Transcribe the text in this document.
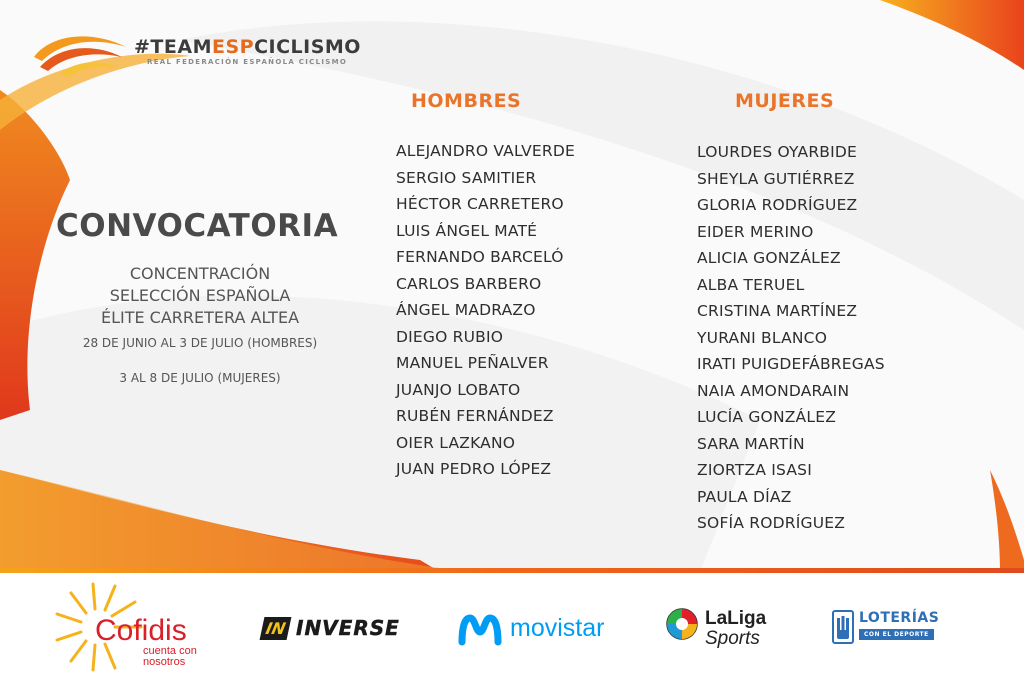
#TEAMESPCICLISMO
REAL FEDERACIÓN ESPAÑOLA CICLISMO
CONVOCATORIA
CONCENTRACIÓN
SELECCIÓN ESPAÑOLA
ÉLITE CARRETERA ALTEA
28 DE JUNIO AL 3 DE JULIO (HOMBRES)
3 AL 8 DE JULIO (MUJERES)
HOMBRES
ALEJANDRO VALVERDE
SERGIO SAMITIER
HÉCTOR CARRETERO
LUIS ÁNGEL MATÉ
FERNANDO BARCELÓ
CARLOS BARBERO
ÁNGEL MADRAZO
DIEGO RUBIO
MANUEL PEÑALVER
JUANJO LOBATO
RUBÉN FERNÁNDEZ
OIER LAZKANO
JUAN PEDRO LÓPEZ
MUJERES
LOURDES OYARBIDE
SHEYLA GUTIÉRREZ
GLORIA RODRÍGUEZ
EIDER MERINO
ALICIA GONZÁLEZ
ALBA TERUEL
CRISTINA MARTÍNEZ
YURANI BLANCO
IRATI PUIGDEFÁBREGAS
NAIA AMONDARAIN
LUCÍA GONZÁLEZ
SARA MARTÍN
ZIORTZA ISASI
PAULA DÍAZ
SOFÍA RODRÍGUEZ
Cofidis
cuenta con
nosotros
IN INVERSE	movistar	LaLiga
Sports
LOTERÍAS
CON EL DEPORTE
